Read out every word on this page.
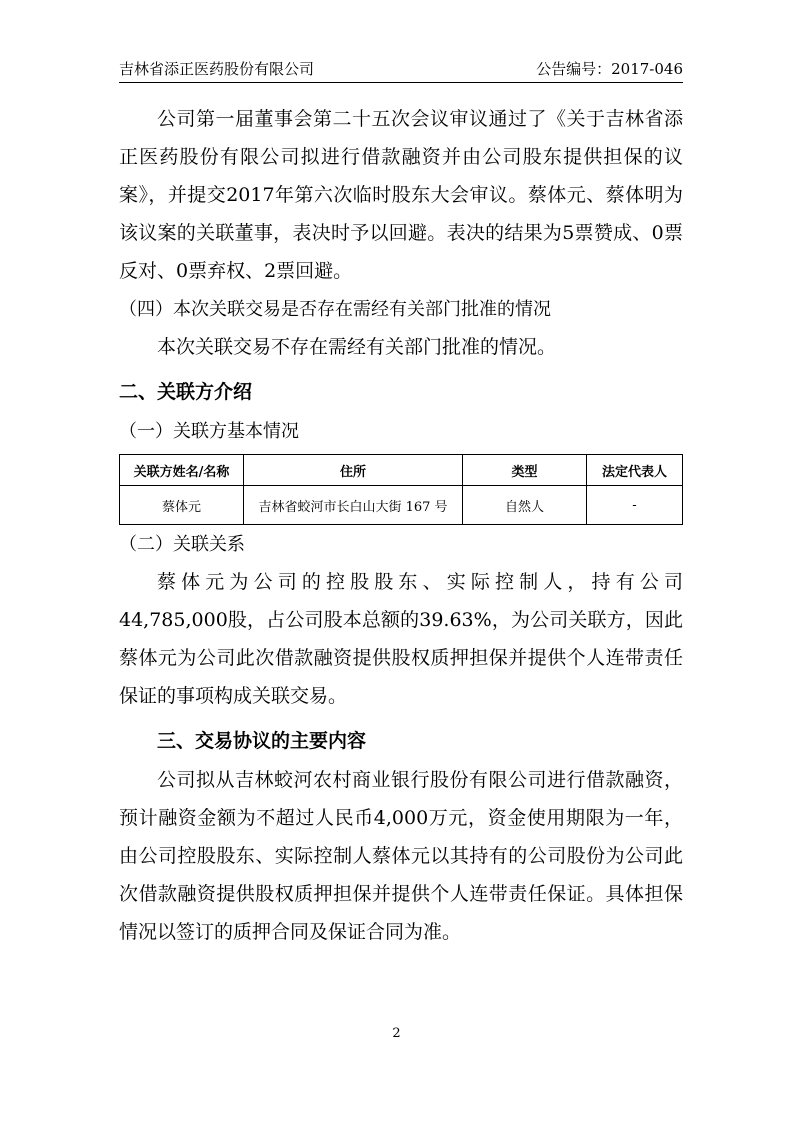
吉林省添正医药股份有限公司	公告编号：2017-046

公司第一届董事会第二十五次会议审议通过了《关于吉林省添正医药股份有限公司拟进行借款融资并由公司股东提供担保的议案》，并提交2017年第六次临时股东大会审议。蔡体元、蔡体明为该议案的关联董事，表决时予以回避。表决的结果为5票赞成、0票反对、0票弃权、2票回避。

（四）本次关联交易是否存在需经有关部门批准的情况

本次关联交易不存在需经有关部门批准的情况。

二、关联方介绍

（一）关联方基本情况

关联方姓名/名称	住所	类型	法定代表人
蔡体元	吉林省蛟河市长白山大街 167 号	自然人	-

（二）关联关系

蔡体元为公司的控股股东、实际控制人，持有公司44,785,000股，占公司股本总额的39.63%，为公司关联方，因此蔡体元为公司此次借款融资提供股权质押担保并提供个人连带责任保证的事项构成关联交易。

三、交易协议的主要内容

公司拟从吉林蛟河农村商业银行股份有限公司进行借款融资，预计融资金额为不超过人民币4,000万元，资金使用期限为一年，由公司控股股东、实际控制人蔡体元以其持有的公司股份为公司此次借款融资提供股权质押担保并提供个人连带责任保证。具体担保情况以签订的质押合同及保证合同为准。

2
